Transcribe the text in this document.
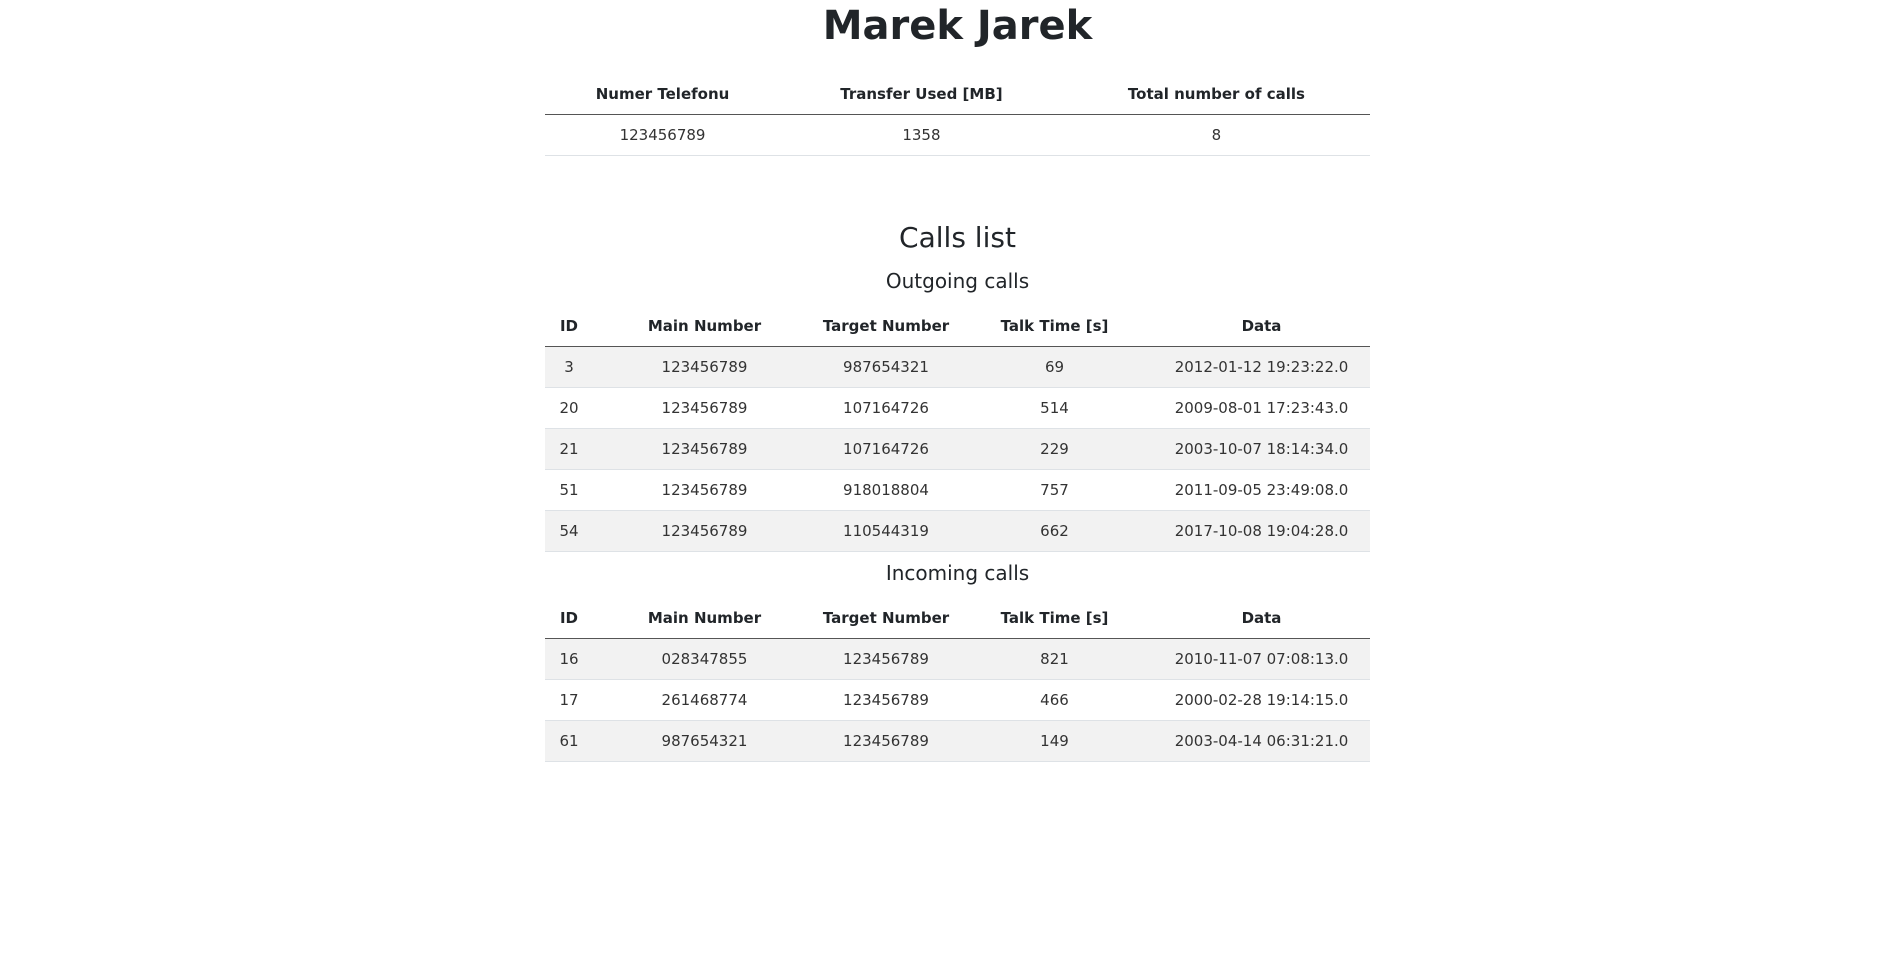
Marek Jarek
Numer Telefonu	Transfer Used [MB]	Total number of calls
123456789	1358	8
Calls list
Outgoing calls
ID	Main Number	Target Number	Talk Time [s]	Data
3	123456789	987654321	69	2012-01-12 19:23:22.0
20	123456789	107164726	514	2009-08-01 17:23:43.0
21	123456789	107164726	229	2003-10-07 18:14:34.0
51	123456789	918018804	757	2011-09-05 23:49:08.0
54	123456789	110544319	662	2017-10-08 19:04:28.0
Incoming calls
ID	Main Number	Target Number	Talk Time [s]	Data
16	028347855	123456789	821	2010-11-07 07:08:13.0
17	261468774	123456789	466	2000-02-28 19:14:15.0
61	987654321	123456789	149	2003-04-14 06:31:21.0
